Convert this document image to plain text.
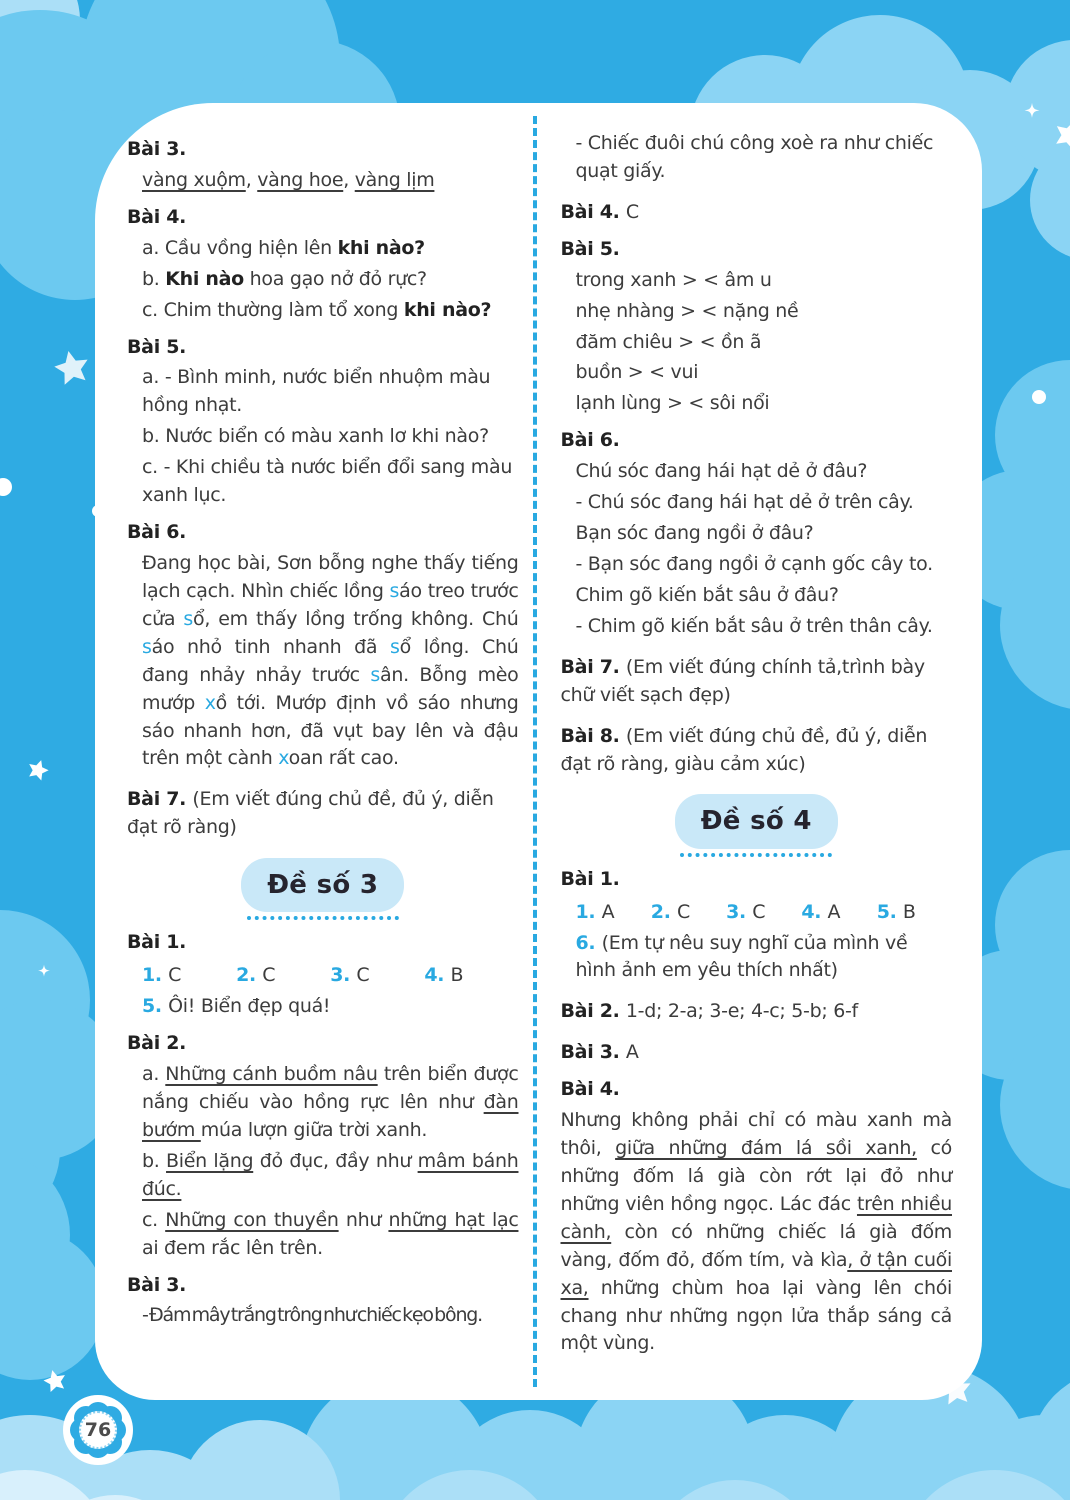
Bài 3.

vàng xuộm, vàng hoe, vàng lịm

Bài 4.

a. Cầu vồng hiện lên khi nào?

b. Khi nào hoa gạo nở đỏ rực?

c. Chim thường làm tổ xong khi nào?

Bài 5.

a. - Bình minh, nước biển nhuộm màu hồng nhạt.

b. Nước biển có màu xanh lơ khi nào?

c. - Khi chiều tà nước biển đổi sang màu xanh lục.

Bài 6.

Đang học bài, Sơn bỗng nghe thấy tiếng lạch cạch. Nhìn chiếc lồng sáo treo trước cửa sổ, em thấy lồng trống không. Chú sáo nhỏ tinh nhanh đã sổ lồng. Chú đang nhảy nhảy trước sân. Bỗng mèo mướp xồ tới. Mướp định vồ sáo nhưng sáo nhanh hơn, đã vụt bay lên và đậu trên một cành xoan rất cao.

Bài 7. (Em viết đúng chủ đề, đủ ý, diễn đạt rõ ràng)

Đề số 3

Bài 1.

1. C	2. C	3. C	4. B

5. Ôi! Biển đẹp quá!

Bài 2.

a. Những cánh buồm nâu trên biển được nắng chiếu vào hồng rực lên như đàn bướm múa lượn giữa trời xanh.

b. Biển lặng đỏ đục, đầy như mâm bánh đúc.

c. Những con thuyền như những hạt lạc ai đem rắc lên trên.

Bài 3.

- Đám mây trắng trông như chiếc kẹo bông.

- Chiếc đuôi chú công xoè ra như chiếc quạt giấy.

Bài 4. C

Bài 5.

trong xanh > < âm u

nhẹ nhàng > < nặng nề

đăm chiêu > < ồn ã

buồn > < vui

lạnh lùng > < sôi nổi

Bài 6.

Chú sóc đang hái hạt dẻ ở đâu?

- Chú sóc đang hái hạt dẻ ở trên cây.

Bạn sóc đang ngồi ở đâu?

- Bạn sóc đang ngồi ở cạnh gốc cây to.

Chim gõ kiến bắt sâu ở đâu?

- Chim gõ kiến bắt sâu ở trên thân cây.

Bài 7. (Em viết đúng chính tả,trình bày chữ viết sạch đẹp)

Bài 8. (Em viết đúng chủ đề, đủ ý, diễn đạt rõ ràng, giàu cảm xúc)

Đề số 4

Bài 1.

1. A	2. C	3. C	4. A	5. B

6. (Em tự nêu suy nghĩ của mình về hình ảnh em yêu thích nhất)

Bài 2. 1-d; 2-a; 3-e; 4-c; 5-b; 6-f

Bài 3. A

Bài 4.

Nhưng không phải chỉ có màu xanh mà thôi, giữa những đám lá sồi xanh, có những đốm lá già còn rớt lại đỏ như những viên hồng ngọc. Lác đác trên nhiều cành, còn có những chiếc lá già đốm vàng, đốm đỏ, đốm tím, và kìa, ở tận cuối xa, những chùm hoa lại vàng lên chói chang như những ngọn lửa thắp sáng cả một vùng.

76
